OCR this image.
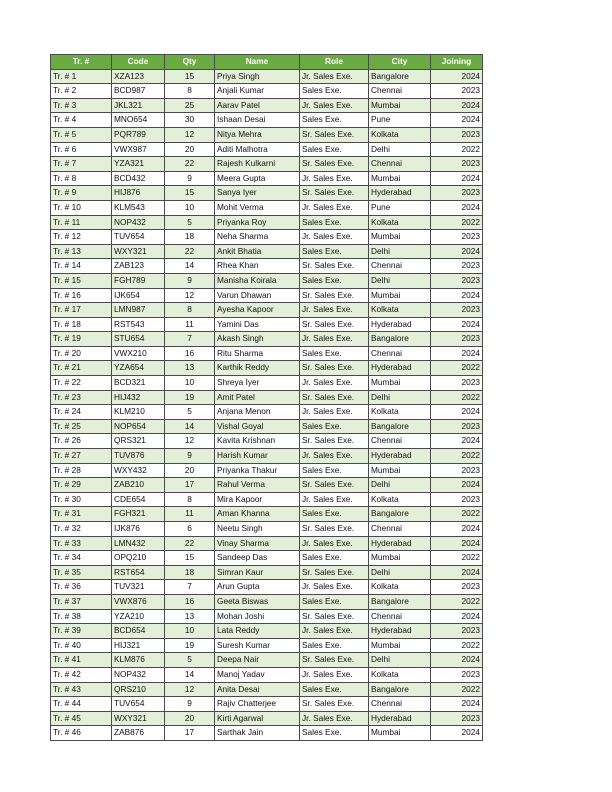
Tr. #	Code	Qty	Name	Role	City	Joining
Tr. # 1	XZA123	15	Priya Singh	Jr. Sales Exe.	Bangalore	2024
Tr. # 2	BCD987	8	Anjali Kumar	Sales Exe.	Chennai	2023
Tr. # 3	JKL321	25	Aarav Patel	Jr. Sales Exe.	Mumbai	2024
Tr. # 4	MNO654	30	Ishaan Desai	Sales Exe.	Pune	2024
Tr. # 5	PQR789	12	Nitya Mehra	Sr. Sales Exe.	Kolkata	2023
Tr. # 6	VWX987	20	Aditi Malhotra	Sales Exe.	Delhi	2022
Tr. # 7	YZA321	22	Rajesh Kulkarni	Sr. Sales Exe.	Chennai	2023
Tr. # 8	BCD432	9	Meera Gupta	Jr. Sales Exe.	Mumbai	2024
Tr. # 9	HIJ876	15	Sanya Iyer	Sr. Sales Exe.	Hyderabad	2023
Tr. # 10	KLM543	10	Mohit Verma	Jr. Sales Exe.	Pune	2024
Tr. # 11	NOP432	5	Priyanka Roy	Sales Exe.	Kolkata	2022
Tr. # 12	TUV654	18	Neha Sharma	Jr. Sales Exe.	Mumbai	2023
Tr. # 13	WXY321	22	Ankit Bhatia	Sales Exe.	Delhi	2024
Tr. # 14	ZAB123	14	Rhea Khan	Sr. Sales Exe.	Chennai	2023
Tr. # 15	FGH789	9	Manisha Koirala	Sales Exe.	Delhi	2023
Tr. # 16	IJK654	12	Varun Dhawan	Sr. Sales Exe.	Mumbai	2024
Tr. # 17	LMN987	8	Ayesha Kapoor	Jr. Sales Exe.	Kolkata	2023
Tr. # 18	RST543	11	Yamini Das	Sr. Sales Exe.	Hyderabad	2024
Tr. # 19	STU654	7	Akash Singh	Jr. Sales Exe.	Bangalore	2023
Tr. # 20	VWX210	16	Ritu Sharma	Sales Exe.	Chennai	2024
Tr. # 21	YZA654	13	Karthik Reddy	Sr. Sales Exe.	Hyderabad	2022
Tr. # 22	BCD321	10	Shreya Iyer	Jr. Sales Exe.	Mumbai	2023
Tr. # 23	HIJ432	19	Amit Patel	Sr. Sales Exe.	Delhi	2022
Tr. # 24	KLM210	5	Anjana Menon	Jr. Sales Exe.	Kolkata	2024
Tr. # 25	NOP654	14	Vishal Goyal	Sales Exe.	Bangalore	2023
Tr. # 26	QRS321	12	Kavita Krishnan	Sr. Sales Exe.	Chennai	2024
Tr. # 27	TUV876	9	Harish Kumar	Jr. Sales Exe.	Hyderabad	2022
Tr. # 28	WXY432	20	Priyanka Thakur	Sales Exe.	Mumbai	2023
Tr. # 29	ZAB210	17	Rahul Verma	Sr. Sales Exe.	Delhi	2024
Tr. # 30	CDE654	8	Mira Kapoor	Jr. Sales Exe.	Kolkata	2023
Tr. # 31	FGH321	11	Aman Khanna	Sales Exe.	Bangalore	2022
Tr. # 32	IJK876	6	Neetu Singh	Sr. Sales Exe.	Chennai	2024
Tr. # 33	LMN432	22	Vinay Sharma	Jr. Sales Exe.	Hyderabad	2024
Tr. # 34	OPQ210	15	Sandeep Das	Sales Exe.	Mumbai	2022
Tr. # 35	RST654	18	Simran Kaur	Sr. Sales Exe.	Delhi	2024
Tr. # 36	TUV321	7	Arun Gupta	Jr. Sales Exe.	Kolkata	2023
Tr. # 37	VWX876	16	Geeta Biswas	Sales Exe.	Bangalore	2022
Tr. # 38	YZA210	13	Mohan Joshi	Sr. Sales Exe.	Chennai	2024
Tr. # 39	BCD654	10	Lata Reddy	Jr. Sales Exe.	Hyderabad	2023
Tr. # 40	HIJ321	19	Suresh Kumar	Sales Exe.	Mumbai	2022
Tr. # 41	KLM876	5	Deepa Nair	Sr. Sales Exe.	Delhi	2024
Tr. # 42	NOP432	14	Manoj Yadav	Jr. Sales Exe.	Kolkata	2023
Tr. # 43	QRS210	12	Anita Desai	Sales Exe.	Bangalore	2022
Tr. # 44	TUV654	9	Rajiv Chatterjee	Sr. Sales Exe.	Chennai	2024
Tr. # 45	WXY321	20	Kirti Agarwal	Jr. Sales Exe.	Hyderabad	2023
Tr. # 46	ZAB876	17	Sarthak Jain	Sales Exe.	Mumbai	2024
